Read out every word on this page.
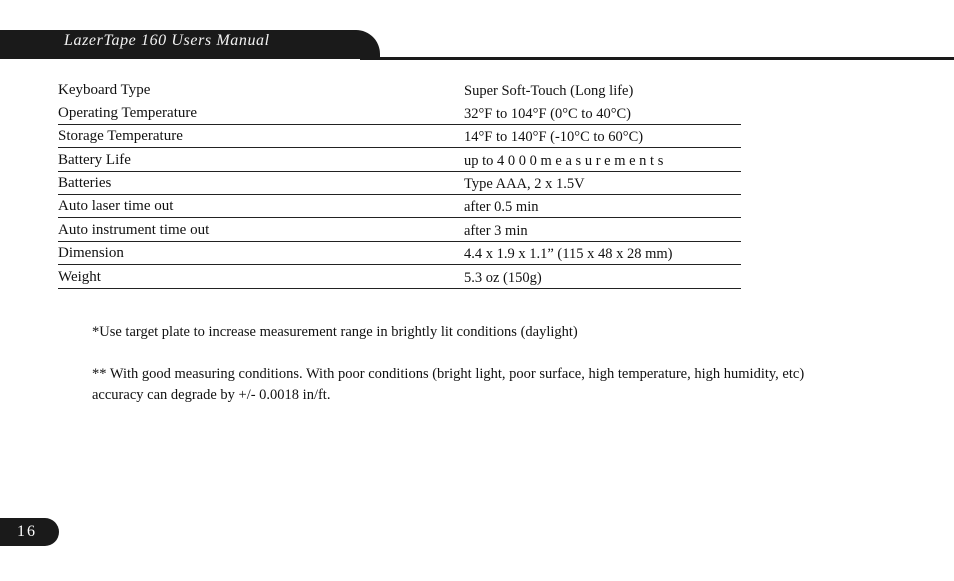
LazerTape 160 Users Manual
Keyboard Type	Super Soft-Touch (Long life)
Operating Temperature	32°F to 104°F (0°C to 40°C)
Storage Temperature	14°F to 140°F (-10°C to 60°C)
Battery Life	up to 4 0 0 0 m e a s u r e m e n t s
Batteries	Type AAA, 2 x 1.5V
Auto laser time out	after 0.5 min
Auto instrument time out	after 3 min
Dimension	4.4 x 1.9 x 1.1” (115 x 48 x 28 mm)
Weight	5.3 oz (150g)
*Use target plate to increase measurement range in brightly lit conditions (daylight)
** With good measuring conditions. With poor conditions (bright light, poor surface, high temperature, high humidity, etc)
accuracy can degrade by +/- 0.0018 in/ft.
16
